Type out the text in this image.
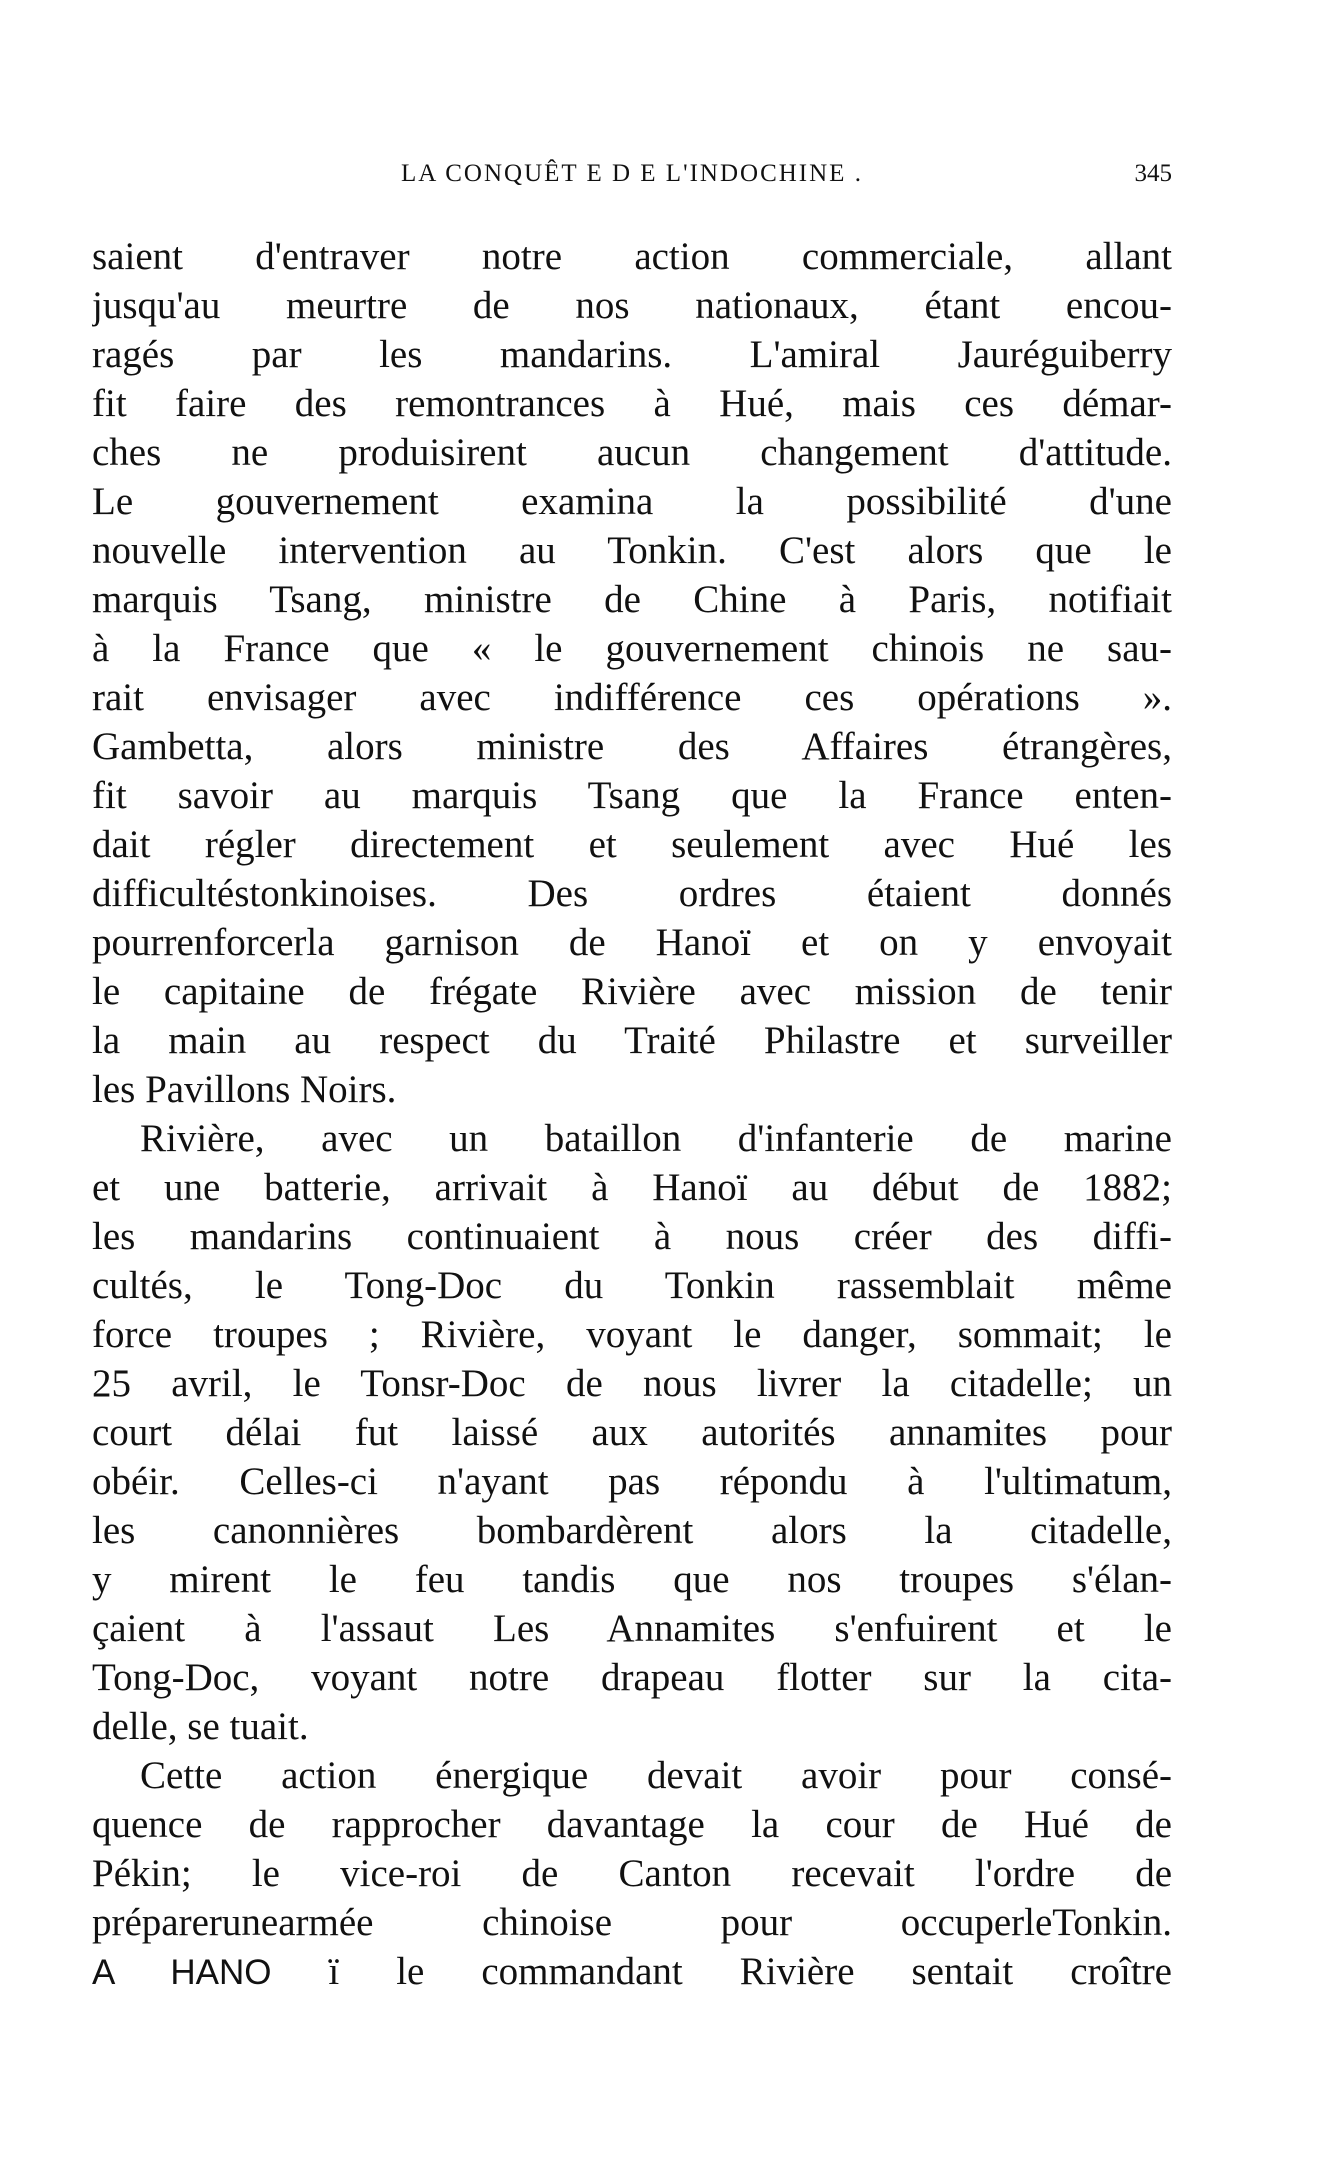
LA CONQUÊT E D E L'INDOCHINE .	345
saient d'entraver notre action commerciale, allant
jusqu'au meurtre de nos nationaux, étant encou-
ragés par les mandarins. L'amiral Jauréguiberry
fit faire des remontrances à Hué, mais ces démar-
ches ne produisirent aucun changement d'attitude.
Le gouvernement examina la possibilité d'une
nouvelle intervention au Tonkin. C'est alors que le
marquis Tsang, ministre de Chine à Paris, notifiait
à la France que « le gouvernement chinois ne sau-
rait envisager avec indifférence ces opérations ».
Gambetta, alors ministre des Affaires étrangères,
fit savoir au marquis Tsang que la France enten-
dait régler directement et seulement avec Hué les
difficultéstonkinoises. Des ordres étaient donnés
pourrenforcerla garnison de Hanoï et on y envoyait
le capitaine de frégate Rivière avec mission de tenir
la main au respect du Traité Philastre et surveiller
les Pavillons Noirs.
Rivière, avec un bataillon d'infanterie de marine
et une batterie, arrivait à Hanoï au début de 1882;
les mandarins continuaient à nous créer des diffi-
cultés, le Tong-Doc du Tonkin rassemblait même
force troupes ; Rivière, voyant le danger, sommait; le
25 avril, le Tonsr-Doc de nous livrer la citadelle; un
court délai fut laissé aux autorités annamites pour
obéir. Celles-ci n'ayant pas répondu à l'ultimatum,
les canonnières bombardèrent alors la citadelle,
y mirent le feu tandis que nos troupes s'élan-
çaient à l'assaut Les Annamites s'enfuirent et le
Tong-Doc, voyant notre drapeau flotter sur la cita-
delle, se tuait.
Cette action énergique devait avoir pour consé-
quence de rapprocher davantage la cour de Hué de
Pékin; le vice-roi de Canton recevait l'ordre de
préparerunearmée chinoise pour occuperleTonkin.
A HANO ï le commandant Rivière sentait croître
